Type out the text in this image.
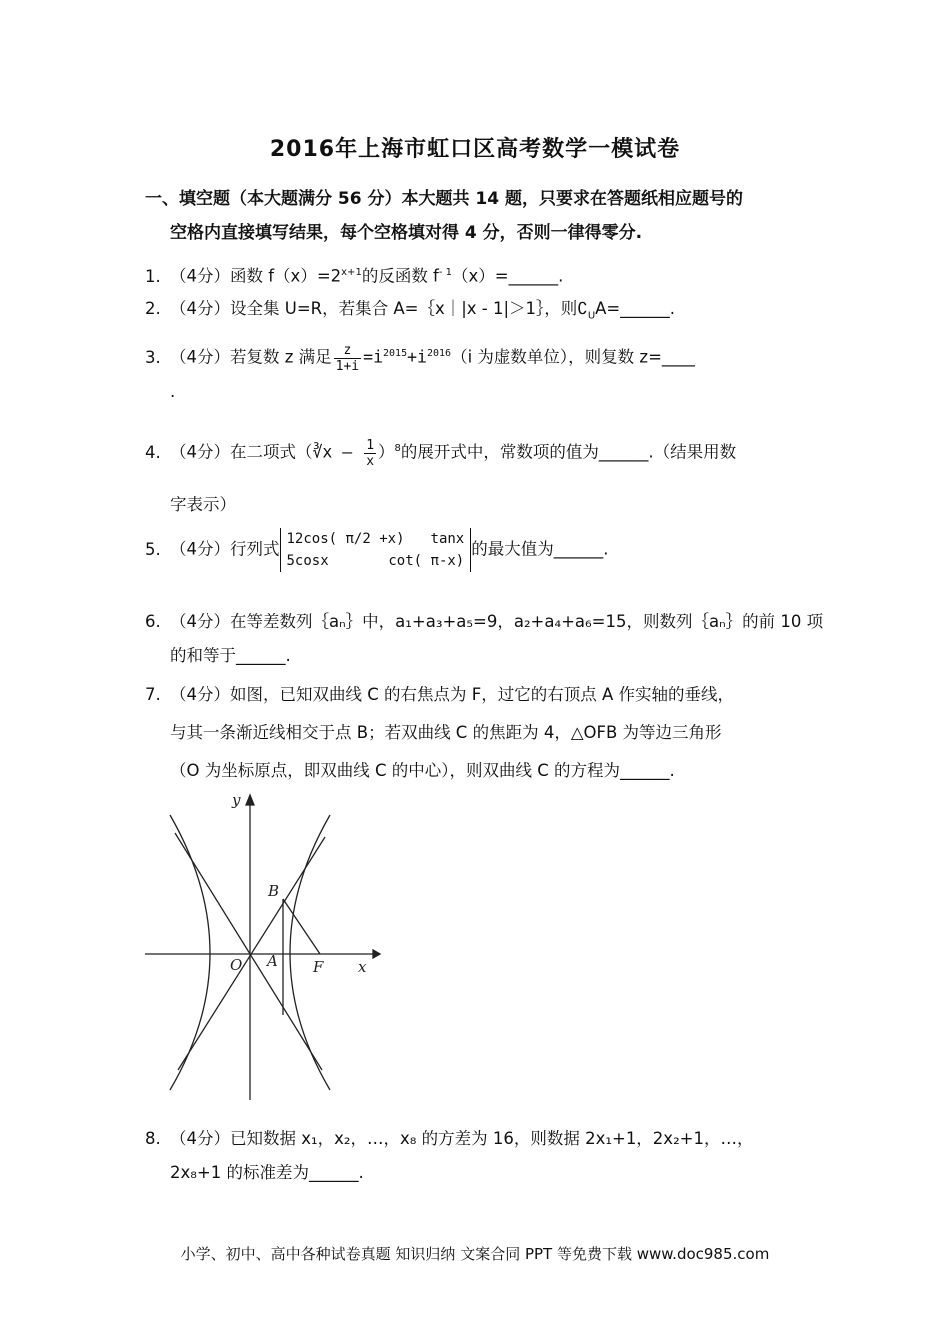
2016年上海市虹口区高考数学一模试卷
一、填空题（本大题满分 56 分）本大题共 14 题，只要求在答题纸相应题号的
空格内直接填写结果，每个空格填对得 4 分，否则一律得零分.
1. （4分）函数 $f(x)=2^{x+1}$的反函数 $f^{- 1}(x)=\_\_\_\_\_\_$.
2. （4分）设全集 U=R，若集合 A=｛x｜|x - 1|＞1｝，则$∁_UA=\_\_\_\_\_\_$.
3. （4分）若复数 z 满足 $\frac{z}{1+i} =i^{2015}+i^{2016}(i$ 为虚数单位），则复数 z=____
.
4. （4分）在二项式（∛x – $\frac{1}{x} )^8$的展开式中，常数项的值为______.（结果用数
字表示）
5. （4分）行列式
12cos( π/2 +x) tanx
5cosx	cot( π-x)
的最大值为______.
6. （4分）在等差数列｛aₙ｝中，a₁+a₃+a₅=9，a₂+a₄+a₆=15，则数列｛aₙ｝的前 10 项
的和等于______.
7. （4分）如图，已知双曲线 C 的右焦点为 F，过它的右顶点 A 作实轴的垂线，
与其一条渐近线相交于点 B；若双曲线 C 的焦距为 4，△OFB 为等边三角形
（O 为坐标原点，即双曲线 C 的中心），则双曲线 C 的方程为______.
y
x
O A
B
F
8. （4分）已知数据 x₁，x₂，…，x₈ 的方差为 16，则数据 2x₁+1，2x₂+1，…，
2x₈+1 的标准差为______.
小学、初中、高中各种试卷真题 知识归纳 文案合同 PPT 等免费下载 www.doc985.com
